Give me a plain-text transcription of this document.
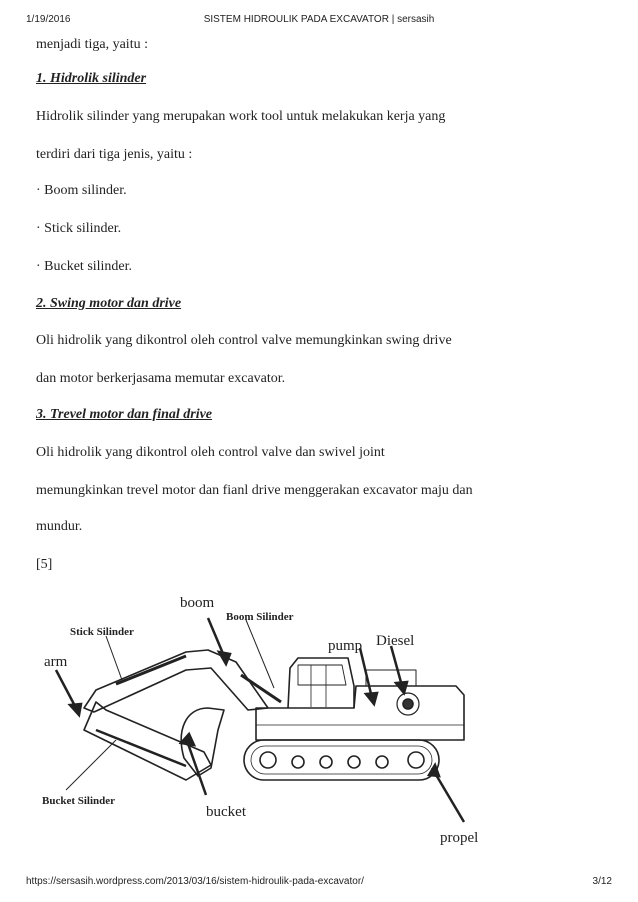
1/19/2016	SISTEM HIDROULIK PADA EXCAVATOR | sersasih
menjadi tiga, yaitu :
1. Hidrolik silinder
Hidrolik silinder yang merupakan work tool untuk melakukan kerja yang
terdiri dari tiga jenis, yaitu :
· Boom silinder.
· Stick silinder.
· Bucket silinder.
2. Swing motor dan drive
Oli hidrolik yang dikontrol oleh control valve memungkinkan swing drive
dan motor berkerjasama memutar excavator.
3. Trevel motor dan final drive
Oli hidrolik yang dikontrol oleh control valve dan swivel joint
memungkinkan trevel motor dan fianl drive menggerakan excavator maju dan
mundur.
[5]
boom
Boom Silinder
Stick Silinder
arm
pump Diesel
Bucket Silinder
bucket
propel
https://sersasih.wordpress.com/2013/03/16/sistem-hidroulik-pada-excavator/	3/12
